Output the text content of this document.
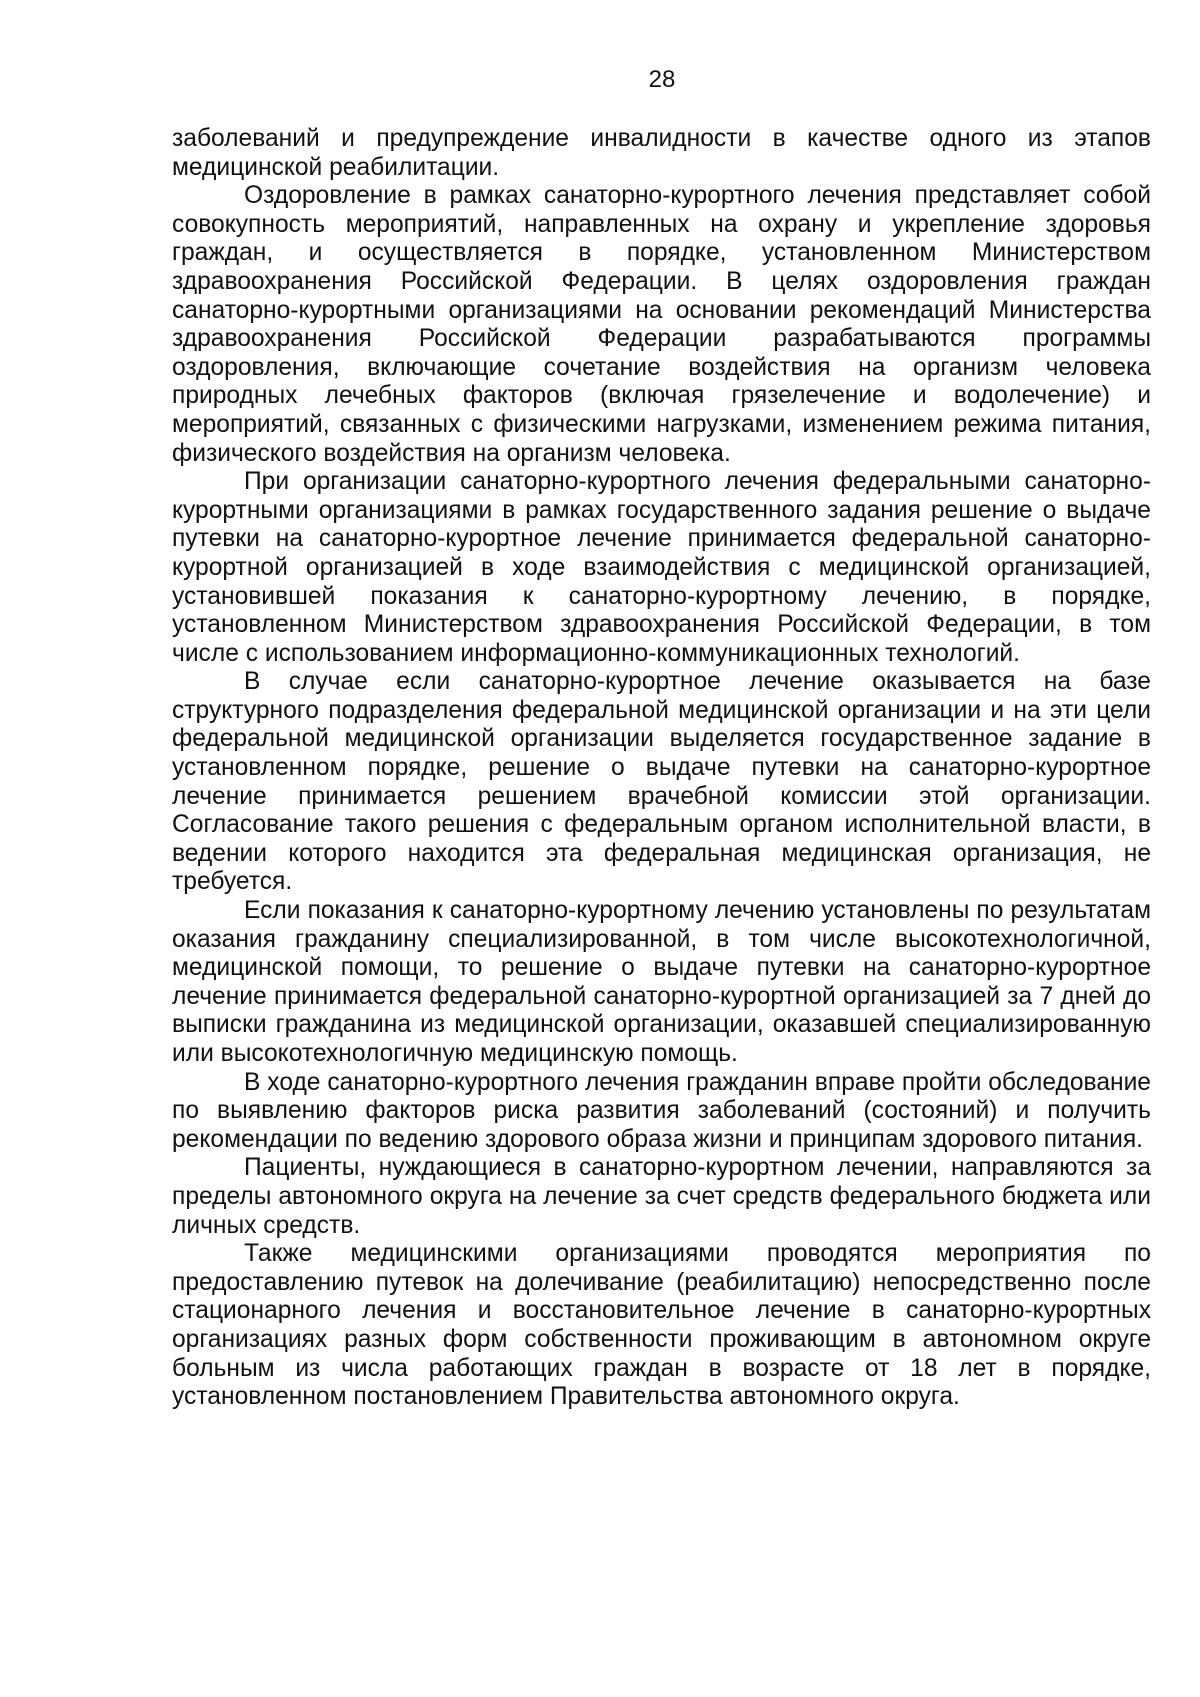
28

заболеваний и предупреждение инвалидности в качестве одного из этапов медицинской реабилитации.

Оздоровление в рамках санаторно-курортного лечения представляет собой совокупность мероприятий, направленных на охрану и укрепление здоровья граждан, и осуществляется в порядке, установленном Министерством здравоохранения Российской Федерации. В целях оздоровления граждан санаторно-курортными организациями на основании рекомендаций Министерства здравоохранения Российской Федерации разрабатываются программы оздоровления, включающие сочетание воздействия на организм человека природных лечебных факторов (включая грязелечение и водолечение) и мероприятий, связанных с физическими нагрузками, изменением режима питания, физического воздействия на организм человека.

При организации санаторно-курортного лечения федеральными санаторно-курортными организациями в рамках государственного задания решение о выдаче путевки на санаторно-курортное лечение принимается федеральной санаторно-курортной организацией в ходе взаимодействия с медицинской организацией, установившей показания к санаторно-курортному лечению, в порядке, установленном Министерством здравоохранения Российской Федерации, в том числе с использованием информационно-коммуникационных технологий.

В случае если санаторно-курортное лечение оказывается на базе структурного подразделения федеральной медицинской организации и на эти цели федеральной медицинской организации выделяется государственное задание в установленном порядке, решение о выдаче путевки на санаторно-курортное лечение принимается решением врачебной комиссии этой организации. Согласование такого решения с федеральным органом исполнительной власти, в ведении которого находится эта федеральная медицинская организация, не требуется.

Если показания к санаторно-курортному лечению установлены по результатам оказания гражданину специализированной, в том числе высокотехнологичной, медицинской помощи, то решение о выдаче путевки на санаторно-курортное лечение принимается федеральной санаторно-курортной организацией за 7 дней до выписки гражданина из медицинской организации, оказавшей специализированную или высокотехнологичную медицинскую помощь.

В ходе санаторно-курортного лечения гражданин вправе пройти обследование по выявлению факторов риска развития заболеваний (состояний) и получить рекомендации по ведению здорового образа жизни и принципам здорового питания.

Пациенты, нуждающиеся в санаторно-курортном лечении, направляются за пределы автономного округа на лечение за счет средств федерального бюджета или личных средств.

Также медицинскими организациями проводятся мероприятия по предоставлению путевок на долечивание (реабилитацию) непосредственно после стационарного лечения и восстановительное лечение в санаторно-курортных организациях разных форм собственности проживающим в автономном округе больным из числа работающих граждан в возрасте от 18 лет в порядке, установленном постановлением Правительства автономного округа.
